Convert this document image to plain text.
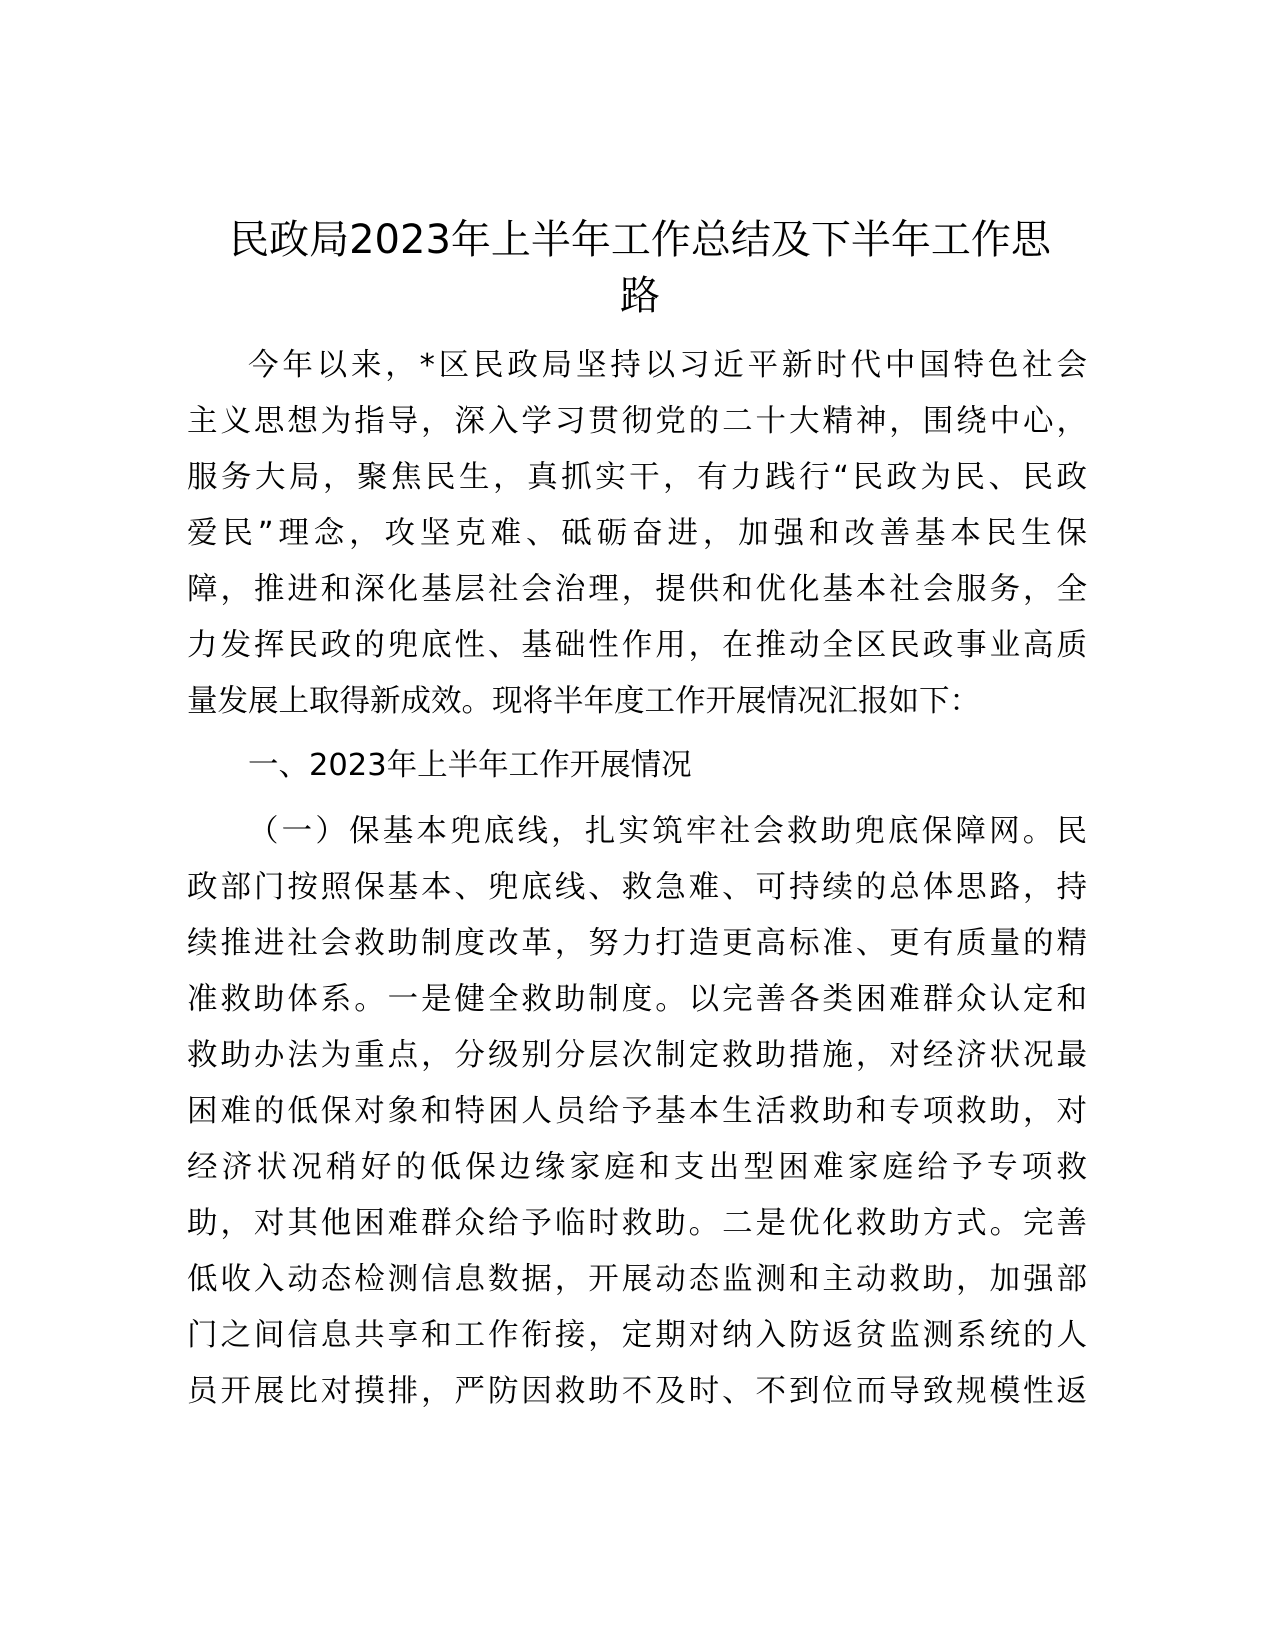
民政局2023年上半年工作总结及下半年工作思
路
今年以来，*区民政局坚持以习近平新时代中国特色社会
主义思想为指导，深入学习贯彻党的二十大精神，围绕中心，
服务大局，聚焦民生，真抓实干，有力践行“民政为民、民政
爱民”理念，攻坚克难、砥砺奋进，加强和改善基本民生保
障，推进和深化基层社会治理，提供和优化基本社会服务，全
力发挥民政的兜底性、基础性作用，在推动全区民政事业高质
量发展上取得新成效。现将半年度工作开展情况汇报如下：
一、2023年上半年工作开展情况
（一）保基本兜底线，扎实筑牢社会救助兜底保障网。民
政部门按照保基本、兜底线、救急难、可持续的总体思路，持
续推进社会救助制度改革，努力打造更高标准、更有质量的精
准救助体系。一是健全救助制度。以完善各类困难群众认定和
救助办法为重点，分级别分层次制定救助措施，对经济状况最
困难的低保对象和特困人员给予基本生活救助和专项救助，对
经济状况稍好的低保边缘家庭和支出型困难家庭给予专项救
助，对其他困难群众给予临时救助。二是优化救助方式。完善
低收入动态检测信息数据，开展动态监测和主动救助，加强部
门之间信息共享和工作衔接，定期对纳入防返贫监测系统的人
员开展比对摸排，严防因救助不及时、不到位而导致规模性返
